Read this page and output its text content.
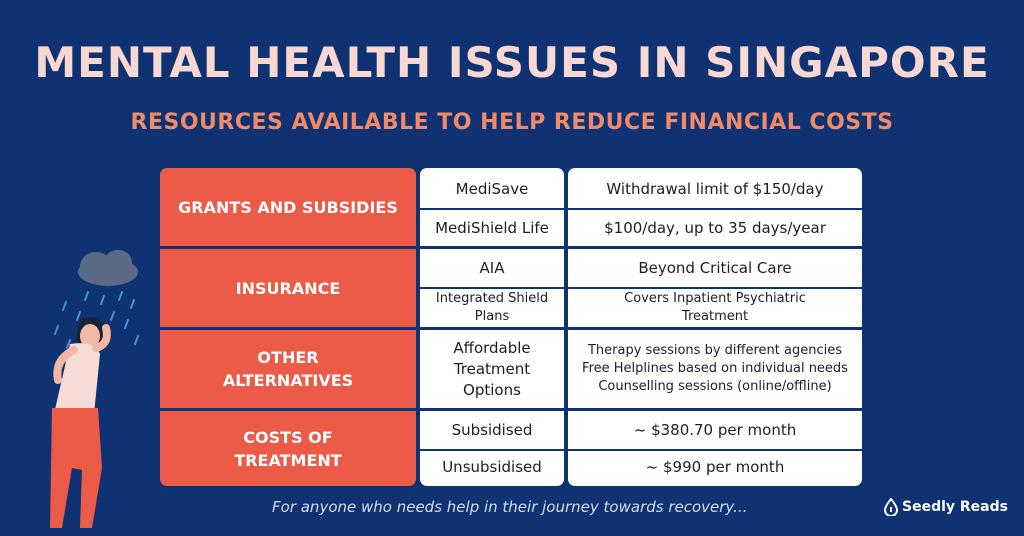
MENTAL HEALTH ISSUES IN SINGAPORE
RESOURCES AVAILABLE TO HELP REDUCE FINANCIAL COSTS
GRANTS AND SUBSIDIES
INSURANCE
OTHER ALTERNATIVES
COSTS OF TREATMENT
MediSave
MediShield Life
AIA
Integrated Shield Plans
Affordable Treatment Options
Subsidised
Unsubsidised
Withdrawal limit of $150/day
$100/day, up to 35 days/year
Beyond Critical Care
Covers Inpatient Psychiatric Treatment
Therapy sessions by different agencies
Free Helplines based on individual needs
Counselling sessions (online/offline)
~ $380.70 per month
~ $990 per month
For anyone who needs help in their journey towards recovery...	Seedly Reads
